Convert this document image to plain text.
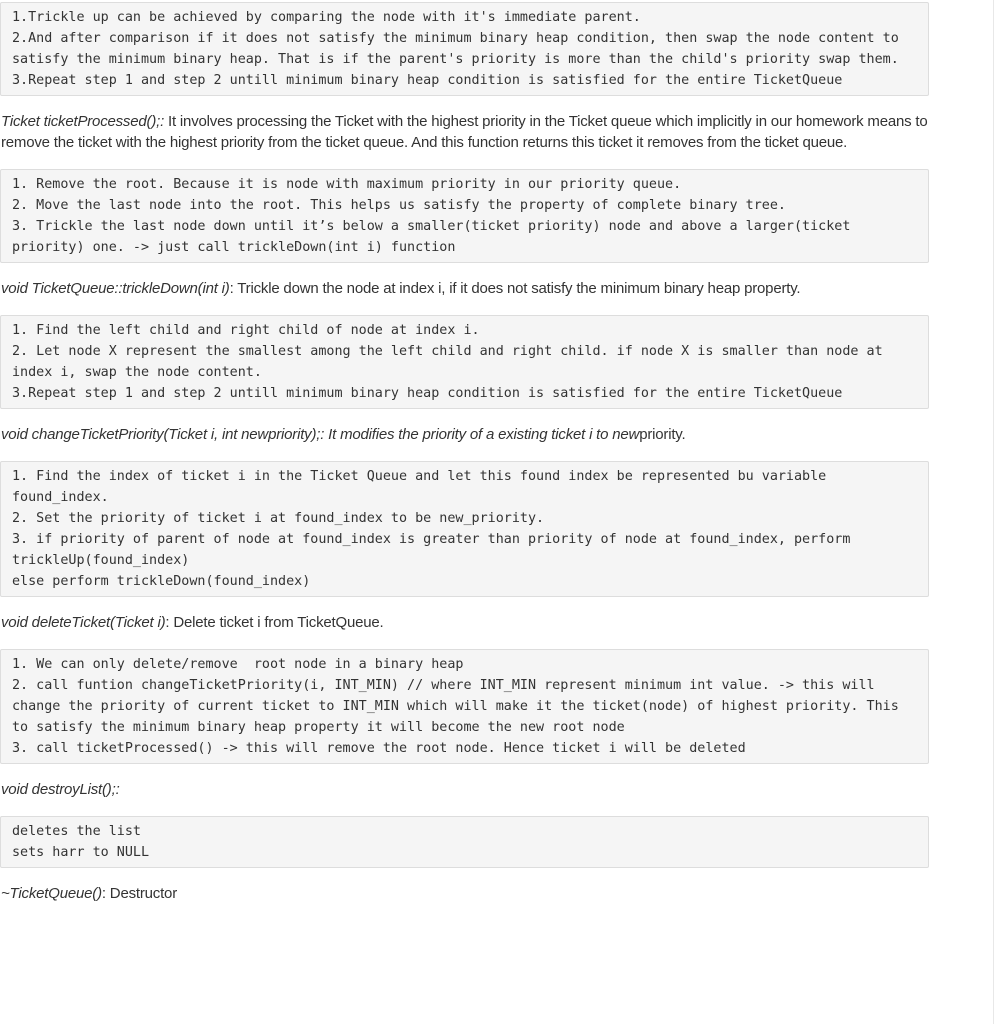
1.Trickle up can be achieved by comparing the node with it's immediate parent.
2.And after comparison if it does not satisfy the minimum binary heap condition, then swap the node content to satisfy the minimum binary heap. That is if the parent's priority is more than the child's priority swap them.
3.Repeat step 1 and step 2 untill minimum binary heap condition is satisfied for the entire TicketQueue

Ticket ticketProcessed();: It involves processing the Ticket with the highest priority in the Ticket queue which implicitly in our homework means to remove the ticket with the highest priority from the ticket queue. And this function returns this ticket it removes from the ticket queue.

1. Remove the root. Because it is node with maximum priority in our priority queue.
2. Move the last node into the root. This helps us satisfy the property of complete binary tree.
3. Trickle the last node down until it’s below a smaller(ticket priority) node and above a larger(ticket priority) one. -> just call trickleDown(int i) function

void TicketQueue::trickleDown(int i): Trickle down the node at index i, if it does not satisfy the minimum binary heap property.

1. Find the left child and right child of node at index i.
2. Let node X represent the smallest among the left child and right child. if node X is smaller than node at index i, swap the node content.
3.Repeat step 1 and step 2 untill minimum binary heap condition is satisfied for the entire TicketQueue

void changeTicketPriority(Ticket i, int newpriority);: It modifies the priority of a existing ticket i to newpriority.

1. Find the index of ticket i in the Ticket Queue and let this found index be represented bu variable found_index.
2. Set the priority of ticket i at found_index to be new_priority.
3. if priority of parent of node at found_index is greater than priority of node at found_index, perform trickleUp(found_index)
else perform trickleDown(found_index)

void deleteTicket(Ticket i): Delete ticket i from TicketQueue.

1. We can only delete/remove  root node in a binary heap
2. call funtion changeTicketPriority(i, INT_MIN) // where INT_MIN represent minimum int value. -> this will change the priority of current ticket to INT_MIN which will make it the ticket(node) of highest priority. This to satisfy the minimum binary heap property it will become the new root node
3. call ticketProcessed() -> this will remove the root node. Hence ticket i will be deleted

void destroyList();:

deletes the list
sets harr to NULL

~TicketQueue(): Destructor
